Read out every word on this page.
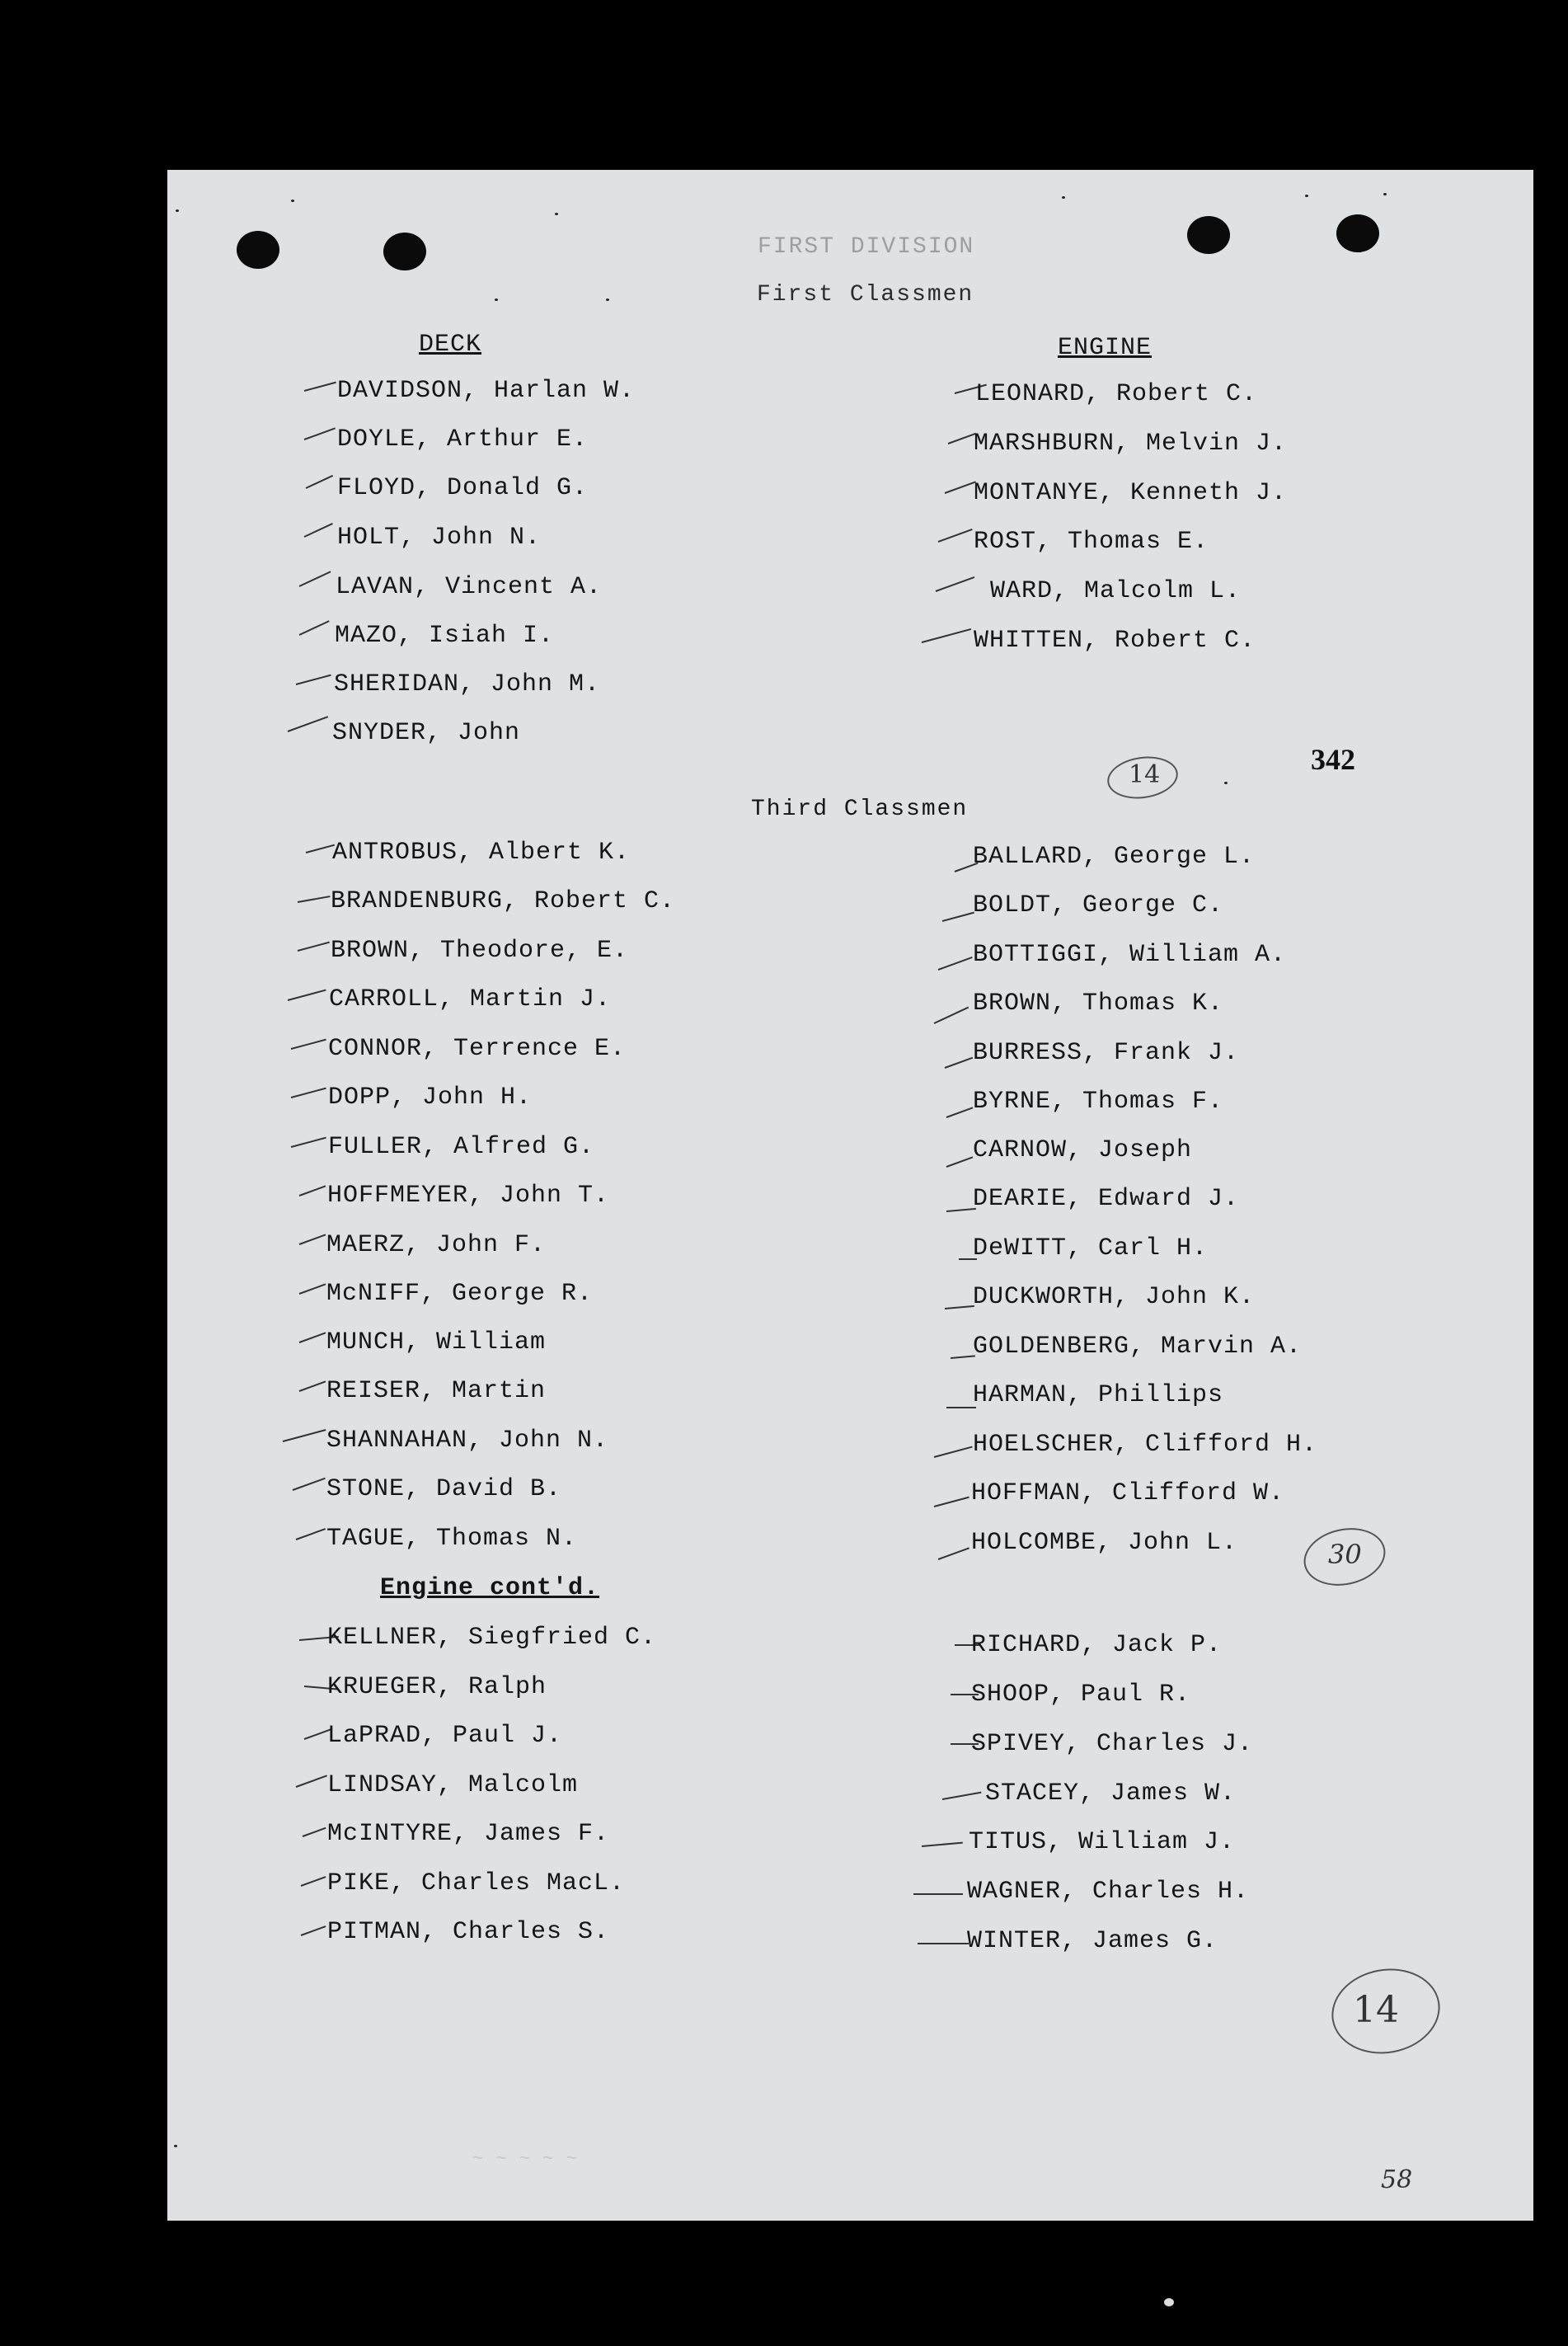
FIRST DIVISION
First Classmen
DECK	ENGINE
DAVIDSON, Harlan W.
DOYLE, Arthur E.
FLOYD, Donald G.
HOLT, John N.
LAVAN, Vincent A.
MAZO, Isiah I.
SHERIDAN, John M.
SNYDER, John
LEONARD, Robert C.
MARSHBURN, Melvin J.
MONTANYE, Kenneth J.
ROST, Thomas E.
WARD, Malcolm L.
WHITTEN, Robert C.
14	342
Third Classmen
ANTROBUS, Albert K.
BRANDENBURG, Robert C.
BROWN, Theodore, E.
CARROLL, Martin J.
CONNOR, Terrence E.
DOPP, John H.
FULLER, Alfred G.
HOFFMEYER, John T.
MAERZ, John F.
McNIFF, George R.
MUNCH, William
REISER, Martin
SHANNAHAN, John N.
STONE, David B.
TAGUE, Thomas N.
BALLARD, George L.
BOLDT, George C.
BOTTIGGI, William A.
BROWN, Thomas K.
BURRESS, Frank J.
BYRNE, Thomas F.
CARNOW, Joseph
DEARIE, Edward J.
DeWITT, Carl H.
DUCKWORTH, John K.
GOLDENBERG, Marvin A.
HARMAN, Phillips
HOELSCHER, Clifford H.
HOFFMAN, Clifford W.
HOLCOMBE, John L.	30
Engine cont'd.
KELLNER, Siegfried C.
KRUEGER, Ralph
LaPRAD, Paul J.
LINDSAY, Malcolm
McINTYRE, James F.
PIKE, Charles MacL.
PITMAN, Charles S.
RICHARD, Jack P.
SHOOP, Paul R.
SPIVEY, Charles J.
STACEY, James W.
TITUS, William J.
WAGNER, Charles H.
WINTER, James G.
14
~ ~ ~ ~ ~
58
